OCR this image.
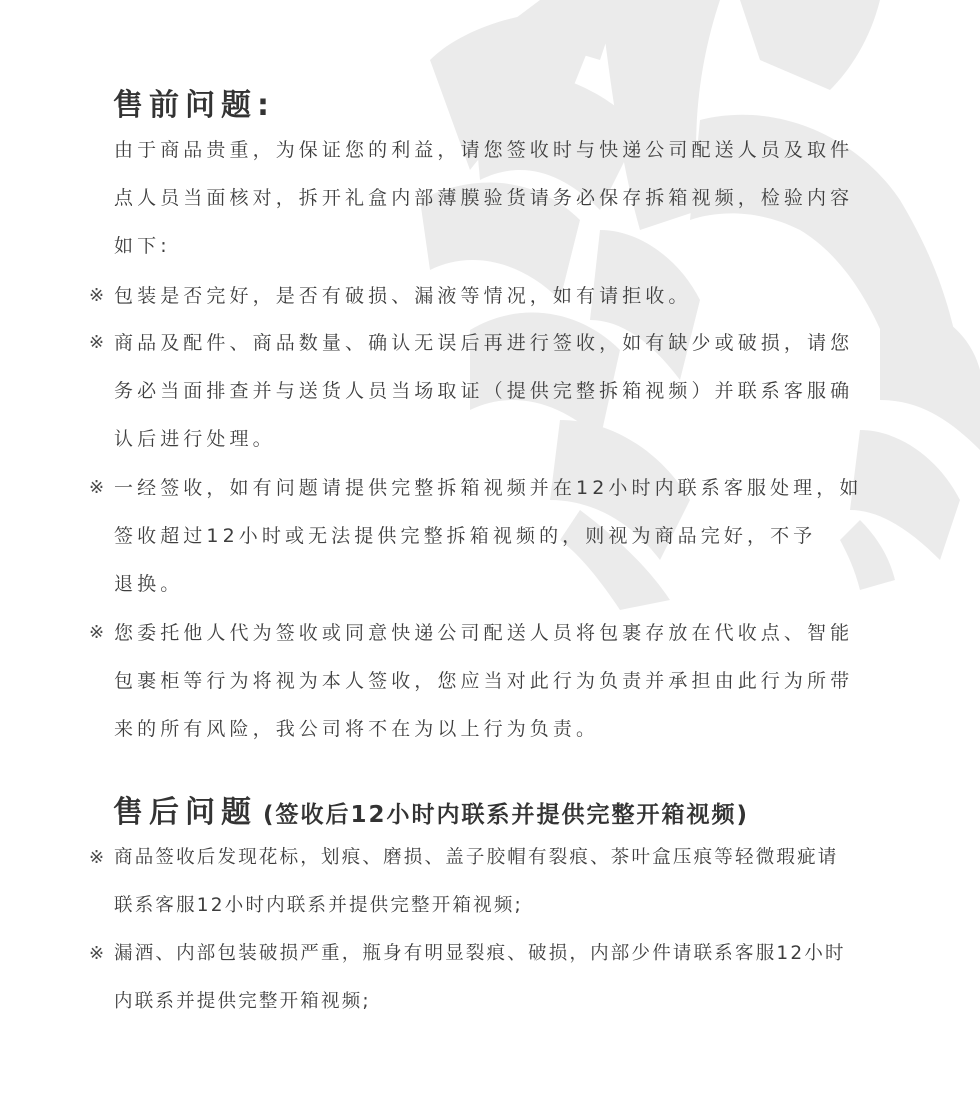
售前问题:
由于商品贵重，为保证您的利益，请您签收时与快递公司配送人员及取件
点人员当面核对，拆开礼盒内部薄膜验货请务必保存拆箱视频，检验内容
如下:
※ 包装是否完好，是否有破损、漏液等情况，如有请拒收。
※ 商品及配件、商品数量、确认无误后再进行签收，如有缺少或破损，请您
务必当面排查并与送货人员当场取证（提供完整拆箱视频）并联系客服确
认后进行处理。
※ 一经签收，如有问题请提供完整拆箱视频并在12小时内联系客服处理，如
签收超过12小时或无法提供完整拆箱视频的，则视为商品完好，不予
退换。
※ 您委托他人代为签收或同意快递公司配送人员将包裹存放在代收点、智能
包裹柜等行为将视为本人签收，您应当对此行为负责并承担由此行为所带
来的所有风险，我公司将不在为以上行为负责。
售后问题 (签收后12小时内联系并提供完整开箱视频)
※ 商品签收后发现花标，划痕、磨损、盖子胶帽有裂痕、茶叶盒压痕等轻微瑕疵请
联系客服12小时内联系并提供完整开箱视频;
※ 漏酒、内部包装破损严重，瓶身有明显裂痕、破损，内部少件请联系客服12小时
内联系并提供完整开箱视频;
